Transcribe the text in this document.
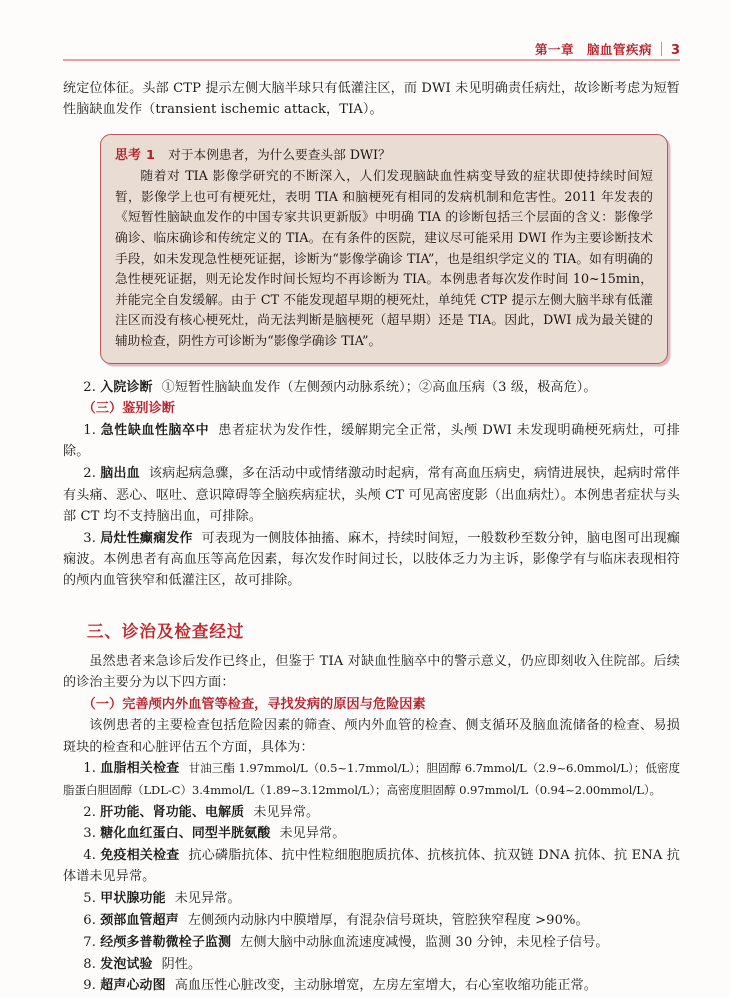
第一章　脑血管疾病 3

统定位体征。头部 CTP 提示左侧大脑半球只有低灌注区，而 DWI 未见明确责任病灶，故诊断考虑为短暂性脑缺血发作（transient ischemic attack，TIA）。

思考 1 对于本例患者，为什么要查头部 DWI？

随着对 TIA 影像学研究的不断深入，人们发现脑缺血性病变导致的症状即使持续时间短暂，影像学上也可有梗死灶，表明 TIA 和脑梗死有相同的发病机制和危害性。2011 年发表的《短暂性脑缺血发作的中国专家共识更新版》中明确 TIA 的诊断包括三个层面的含义：影像学确诊、临床确诊和传统定义的 TIA。在有条件的医院，建议尽可能采用 DWI 作为主要诊断技术手段，如未发现急性梗死证据，诊断为“影像学确诊 TIA”，也是组织学定义的 TIA。如有明确的急性梗死证据，则无论发作时间长短均不再诊断为 TIA。本例患者每次发作时间 10~15min，并能完全自发缓解。由于 CT 不能发现超早期的梗死灶，单纯凭 CTP 提示左侧大脑半球有低灌注区而没有核心梗死灶，尚无法判断是脑梗死（超早期）还是 TIA。因此，DWI 成为最关键的辅助检查，阴性方可诊断为“影像学确诊 TIA”。

2. 入院诊断 ①短暂性脑缺血发作（左侧颈内动脉系统）；②高血压病（3 级，极高危）。

（三）鉴别诊断

1. 急性缺血性脑卒中 患者症状为发作性，缓解期完全正常，头颅 DWI 未发现明确梗死病灶，可排除。

2. 脑出血 该病起病急骤，多在活动中或情绪激动时起病，常有高血压病史，病情进展快，起病时常伴有头痛、恶心、呕吐、意识障碍等全脑疾病症状，头颅 CT 可见高密度影（出血病灶）。本例患者症状与头部 CT 均不支持脑出血，可排除。

3. 局灶性癫痫发作 可表现为一侧肢体抽搐、麻木，持续时间短，一般数秒至数分钟，脑电图可出现癫痫波。本例患者有高血压等高危因素，每次发作时间过长，以肢体乏力为主诉，影像学有与临床表现相符的颅内血管狭窄和低灌注区，故可排除。

三、诊治及检查经过

虽然患者来急诊后发作已终止，但鉴于 TIA 对缺血性脑卒中的警示意义，仍应即刻收入住院部。后续的诊治主要分为以下四方面：

（一）完善颅内外血管等检查，寻找发病的原因与危险因素

该例患者的主要检查包括危险因素的筛查、颅内外血管的检查、侧支循环及脑血流储备的检查、易损斑块的检查和心脏评估五个方面，具体为：

1. 血脂相关检查 甘油三酯 1.97mmol/L（0.5~1.7mmol/L）；胆固醇 6.7mmol/L（2.9~6.0mmol/L）；低密度脂蛋白胆固醇（LDL-C）3.4mmol/L（1.89~3.12mmol/L）；高密度胆固醇 0.97mmol/L（0.94~2.00mmol/L）。

2. 肝功能、肾功能、电解质 未见异常。

3. 糖化血红蛋白、同型半胱氨酸 未见异常。

4. 免疫相关检查 抗心磷脂抗体、抗中性粒细胞胞质抗体、抗核抗体、抗双链 DNA 抗体、抗 ENA 抗体谱未见异常。

5. 甲状腺功能 未见异常。

6. 颈部血管超声 左侧颈内动脉内中膜增厚，有混杂信号斑块，管腔狭窄程度 >90%。

7. 经颅多普勒微栓子监测 左侧大脑中动脉血流速度减慢，监测 30 分钟，未见栓子信号。

8. 发泡试验 阴性。

9. 超声心动图 高血压性心脏改变，主动脉增宽，左房左室增大，右心室收缩功能正常。
